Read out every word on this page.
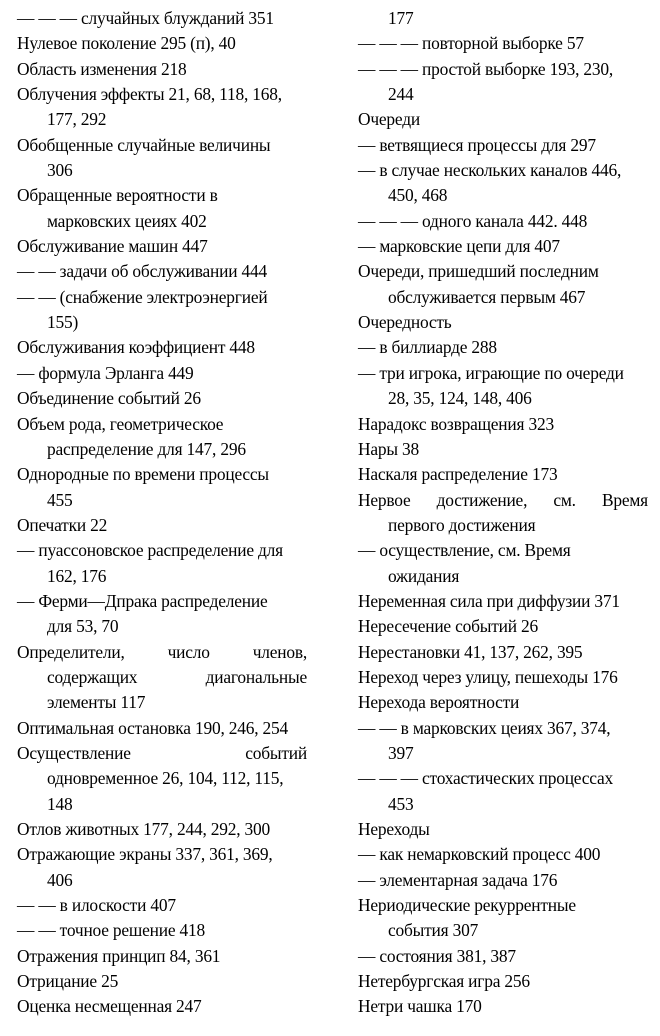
— — — случайных блужданий 351
Нулевое поколение 295 (п), 40
Область изменения 218
Облучения эффекты 21, 68, 118, 168,
177, 292
Обобщенные случайные величины
306
Обращенные вероятности в
марковских цеиях 402
Обслуживание машин 447
— — задачи об обслуживании 444
— — (снабжение электроэнергией
155)
Обслуживания коэффициент 448
— формула Эрланга 449
Объединение событий 26
Объем рода, геометрическое
распределение для 147, 296
Однородные по времени процессы
455
Опечатки 22
— пуассоновское распределение для
162, 176
— Ферми—Дпрака распределение
для 53, 70
Определители, число членов,
содержащих	диагональные
элементы 117
Оптимальная остановка 190, 246, 254
Осуществление	событий
одновременное 26, 104, 112, 115,
148
Отлов животных 177, 244, 292, 300
Отражающие экраны 337, 361, 369,
406
— — в илоскости 407
— — точное решение 418
Отражения принцип 84, 361
Отрицание 25
Оценка несмещенная 247
177
— — — повторной выборке 57
— — — простой выборке 193, 230,
244
Очереди
— ветвящиеся процессы для 297
— в случае нескольких каналов 446,
450, 468
— — — одного канала 442. 448
— марковские цепи для 407
Очереди, пришедший последним
обслуживается первым 467
Очередность
— в биллиарде 288
— три игрока, играющие по очереди
28, 35, 124, 148, 406
Нарадокс возвращения 323
Нары 38
Наскаля распределение 173
Нервое достижение, см. Время
первого достижения
— осуществление, см. Время
ожидания
Неременная сила при диффузии 371
Нересечение событий 26
Нерестановки 41, 137, 262, 395
Нереход через улицу, пешеходы 176
Нерехода вероятности
— — в марковских цеиях 367, 374,
397
— — — стохастических процессах
453
Нереходы
— как немарковский процесс 400
— элементарная задача 176
Нериодические рекуррентные
события 307
— состояния 381, 387
Нетербургская игра 256
Нетри чашка 170
